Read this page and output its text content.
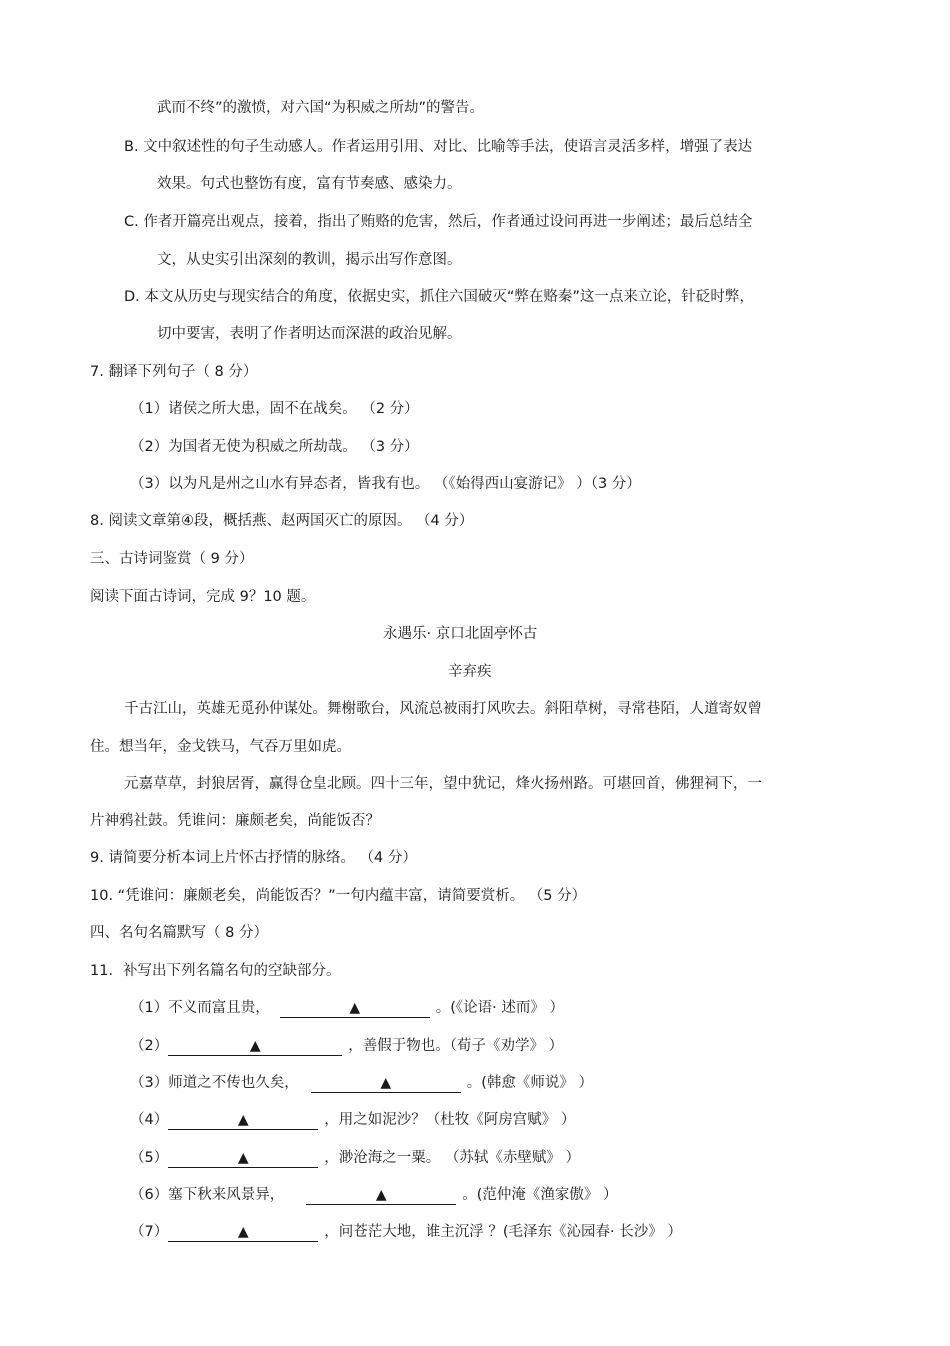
武而不终”的激愤，对六国“为积威之所劫”的警告。
B. 文中叙述性的句子生动感人。作者运用引用、对比、比喻等手法，使语言灵活多样，增强了表达
效果。句式也整饬有度，富有节奏感、感染力。
C. 作者开篇亮出观点，接着，指出了贿赂的危害，然后，作者通过设问再进一步阐述；最后总结全
文，从史实引出深刻的教训，揭示出写作意图。
D. 本文从历史与现实结合的角度，依据史实，抓住六国破灭“弊在赂秦”这一点来立论，针砭时弊，
切中要害，表明了作者明达而深湛的政治见解。
7. 翻译下列句子（ 8 分）
（1）诸侯之所大患，固不在战矣。 （2 分）
（2）为国者无使为积威之所劫哉。 （3 分）
（3）以为凡是州之山水有异态者，皆我有也。 （《始得西山宴游记》 ）（3 分）
8. 阅读文章第④段，概括燕、赵两国灭亡的原因。 （4 分）
三、古诗词鉴赏（ 9 分）
阅读下面古诗词，完成 9？10 题。
永遇乐· 京口北固亭怀古
辛弃疾
千古江山，英雄无觅孙仲谋处。舞榭歌台，风流总被雨打风吹去。斜阳草树，寻常巷陌，人道寄奴曾
住。想当年，金戈铁马，气吞万里如虎。
元嘉草草，封狼居胥，赢得仓皇北顾。四十三年，望中犹记，烽火扬州路。可堪回首，佛狸祠下，一
片神鸦社鼓。凭谁问：廉颇老矣，尚能饭否？
9. 请简要分析本词上片怀古抒情的脉络。 （4 分）
10. “凭谁问：廉颇老矣，尚能饭否？”一句内蕴丰富，请简要赏析。 （5 分）
四、名句名篇默写（ 8 分）
11．补写出下列名篇名句的空缺部分。
（1）不义而富且贵，	▲	。(《论语· 述而》 ）
（2）	▲	，善假于物也。（荀子《劝学》 ）
（3）师道之不传也久矣，	▲	。(韩愈《师说》 ）
（4）	▲	，用之如泥沙？（杜牧《阿房宫赋》 ）
（5）	▲	，渺沧海之一粟。 （苏轼《赤壁赋》 ）
（6）塞下秋来风景异，	▲	。(范仲淹《渔家傲》 ）
（7）	▲	，问苍茫大地，谁主沉浮 ？(毛泽东《沁园春· 长沙》 ）
